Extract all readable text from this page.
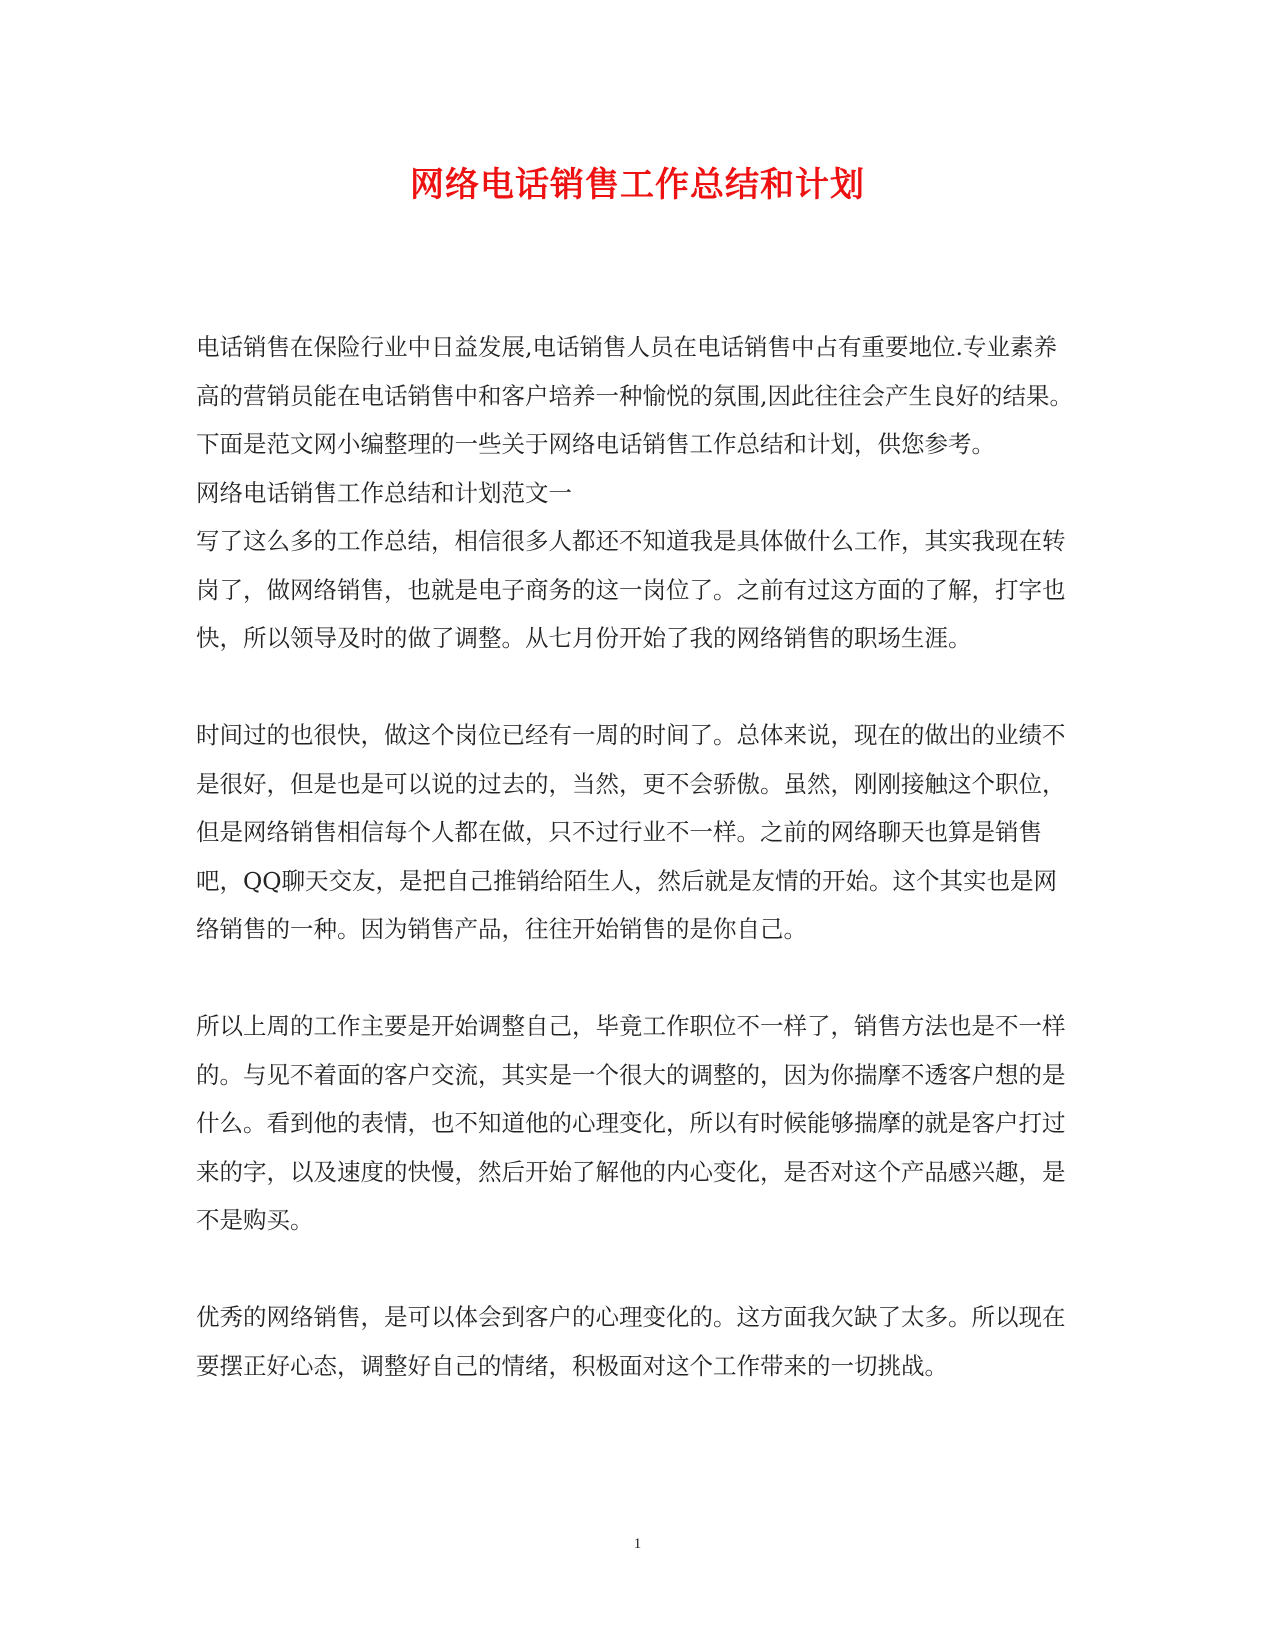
网络电话销售工作总结和计划

电话销售在保险行业中日益发展,电话销售人员在电话销售中占有重要地位.专业素养高的营销员能在电话销售中和客户培养一种愉悦的氛围,因此往往会产生良好的结果。下面是范文网小编整理的一些关于网络电话销售工作总结和计划，供您参考。

网络电话销售工作总结和计划范文一

写了这么多的工作总结，相信很多人都还不知道我是具体做什么工作，其实我现在转岗了，做网络销售，也就是电子商务的这一岗位了。之前有过这方面的了解，打字也快，所以领导及时的做了调整。从七月份开始了我的网络销售的职场生涯。

时间过的也很快，做这个岗位已经有一周的时间了。总体来说，现在的做出的业绩不是很好，但是也是可以说的过去的，当然，更不会骄傲。虽然，刚刚接触这个职位，但是网络销售相信每个人都在做，只不过行业不一样。之前的网络聊天也算是销售吧，QQ聊天交友，是把自己推销给陌生人，然后就是友情的开始。这个其实也是网络销售的一种。因为销售产品，往往开始销售的是你自己。

所以上周的工作主要是开始调整自己，毕竟工作职位不一样了，销售方法也是不一样的。与见不着面的客户交流，其实是一个很大的调整的，因为你揣摩不透客户想的是什么。看到他的表情，也不知道他的心理变化，所以有时候能够揣摩的就是客户打过来的字，以及速度的快慢，然后开始了解他的内心变化，是否对这个产品感兴趣，是不是购买。

优秀的网络销售，是可以体会到客户的心理变化的。这方面我欠缺了太多。所以现在要摆正好心态，调整好自己的情绪，积极面对这个工作带来的一切挑战。

1
